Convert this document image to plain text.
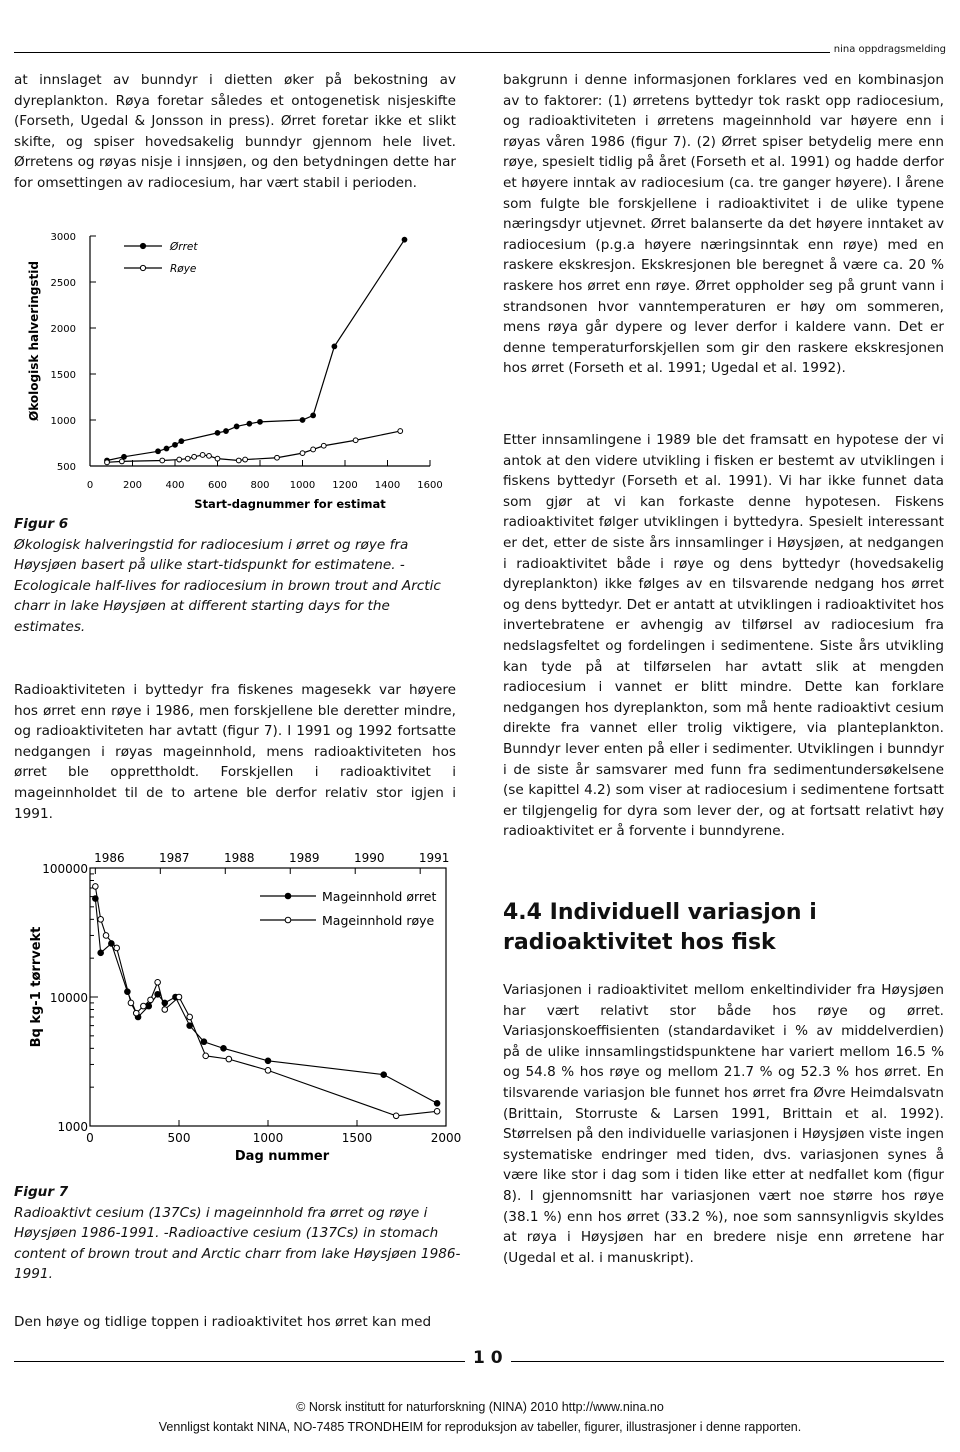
nina oppdragsmelding

at innslaget av bunndyr i dietten øker på bekostning av dyreplankton. Røya foretar således et ontogenetisk nisjeskifte (Forseth, Ugedal & Jonsson in press). Ørret foretar ikke et slikt skifte, og spiser hovedsakelig bunndyr gjennom hele livet. Ørretens og røyas nisje i innsjøen, og den betydningen dette har for omsettingen av radiocesium, har vært stabil i perioden.

500
1000
1500
2000
2500
3000
0	200 400 600 800 1000 1200 1400 1600
Start-dagnummer for estimat
Økologisk halveringstid
Ørret
Røye

Figur 6
Økologisk halveringstid for radiocesium i ørret og røye fra Høysjøen basert på ulike start-tidspunkt for estimatene. -Ecologicale half-lives for radiocesium in brown trout and Arctic charr in lake Høysjøen at different starting days for the estimates.

Radioaktiviteten i byttedyr fra fiskenes magesekk var høyere hos ørret enn røye i 1986, men forskjellene ble deretter mindre, og radioaktiviteten har avtatt (figur 7). I 1991 og 1992 fortsatte nedgangen i røyas mageinnhold, mens radioaktiviteten hos ørret ble opprettholdt. Forskjellen i radioaktivitet i mageinnholdet til de to artene ble derfor relativ stor igjen i 1991.

1000
10000
100000
0	500	1000	1500	2000
1986	1987	1988	1989	1990	1991
Dag nummer
Bq kg-1 tørrvekt
Mageinnhold ørret
Mageinnhold røye

Figur 7
Radioaktivt cesium (137Cs) i mageinnhold fra ørret og røye i Høysjøen 1986-1991. -Radioactive cesium (137Cs) in stomach content of brown trout and Arctic charr from lake Høysjøen 1986-1991.

Den høye og tidlige toppen i radioaktivitet hos ørret kan med

bakgrunn i denne informasjonen forklares ved en kombinasjon av to faktorer: (1) ørretens byttedyr tok raskt opp radiocesium, og radioaktiviteten i ørretens mageinnhold var høyere enn i røyas våren 1986 (figur 7). (2) Ørret spiser betydelig mere enn røye, spesielt tidlig på året (Forseth et al. 1991) og hadde derfor et høyere inntak av radiocesium (ca. tre ganger høyere). I årene som fulgte ble forskjellene i radioaktivitet i de ulike typene næringsdyr utjevnet. Ørret balanserte da det høyere inntaket av radiocesium (p.g.a høyere næringsinntak enn røye) med en raskere ekskresjon. Ekskresjonen ble beregnet å være ca. 20 % raskere hos ørret enn røye. Ørret oppholder seg på grunt vann i strandsonen hvor vanntemperaturen er høy om sommeren, mens røya går dypere og lever derfor i kaldere vann. Det er denne temperaturforskjellen som gir den raskere ekskresjonen hos ørret (Forseth et al. 1991; Ugedal et al. 1992).

Etter innsamlingene i 1989 ble det framsatt en hypotese der vi antok at den videre utvikling i fisken er bestemt av utviklingen i fiskens byttedyr (Forseth et al. 1991). Vi har ikke funnet data som gjør at vi kan forkaste denne hypotesen. Fiskens radioaktivitet følger utviklingen i byttedyra. Spesielt interessant er det, etter de siste års innsamlinger i Høysjøen, at nedgangen i radioaktivitet både i røye og dens byttedyr (hovedsakelig dyreplankton) ikke følges av en tilsvarende nedgang hos ørret og dens byttedyr. Det er antatt at utviklingen i radioaktivitet hos invertebratene er avhengig av tilførsel av radiocesium fra nedslagsfeltet og fordelingen i sedimentene. Siste års utvikling kan tyde på at tilførselen har avtatt slik at mengden radiocesium i vannet er blitt mindre. Dette kan forklare nedgangen hos dyreplankton, som må hente radioaktivt cesium direkte fra vannet eller trolig viktigere, via planteplankton. Bunndyr lever enten på eller i sedimenter. Utviklingen i bunndyr i de siste år samsvarer med funn fra sedimentundersøkelsene (se kapittel 4.2) som viser at radiocesium i sedimentene fortsatt er tilgjengelig for dyra som lever der, og at fortsatt relativt høy radioaktivitet er å forvente i bunndyrene.

4.4 Individuell variasjon i radioaktivitet hos fisk

Variasjonen i radioaktivitet mellom enkeltindivider fra Høysjøen har vært relativt stor både hos røye og ørret. Variasjonskoeffisienten (standardaviket i % av middelverdien) på de ulike innsamlingstidspunktene har variert mellom 16.5 % og 54.8 % hos røye og mellom 21.7 % og 52.3 % hos ørret. En tilsvarende variasjon ble funnet hos ørret fra Øvre Heimdalsvatn (Brittain, Storruste & Larsen 1991, Brittain et al. 1992). Størrelsen på den individuelle variasjonen i Høysjøen viste ingen systematiske endringer med tiden, dvs. variasjonen synes å være like stor i dag som i tiden like etter at nedfallet kom (figur 8). I gjennomsnitt har variasjonen vært noe større hos røye (38.1 %) enn hos ørret (33.2 %), noe som sannsynligvis skyldes at røya i Høysjøen har en bredere nisje enn ørretene har (Ugedal et al. i manuskript).

1 0
© Norsk institutt for naturforskning (NINA) 2010 http://www.nina.no
Vennligst kontakt NINA, NO-7485 TRONDHEIM for reproduksjon av tabeller, figurer, illustrasjoner i denne rapporten.
